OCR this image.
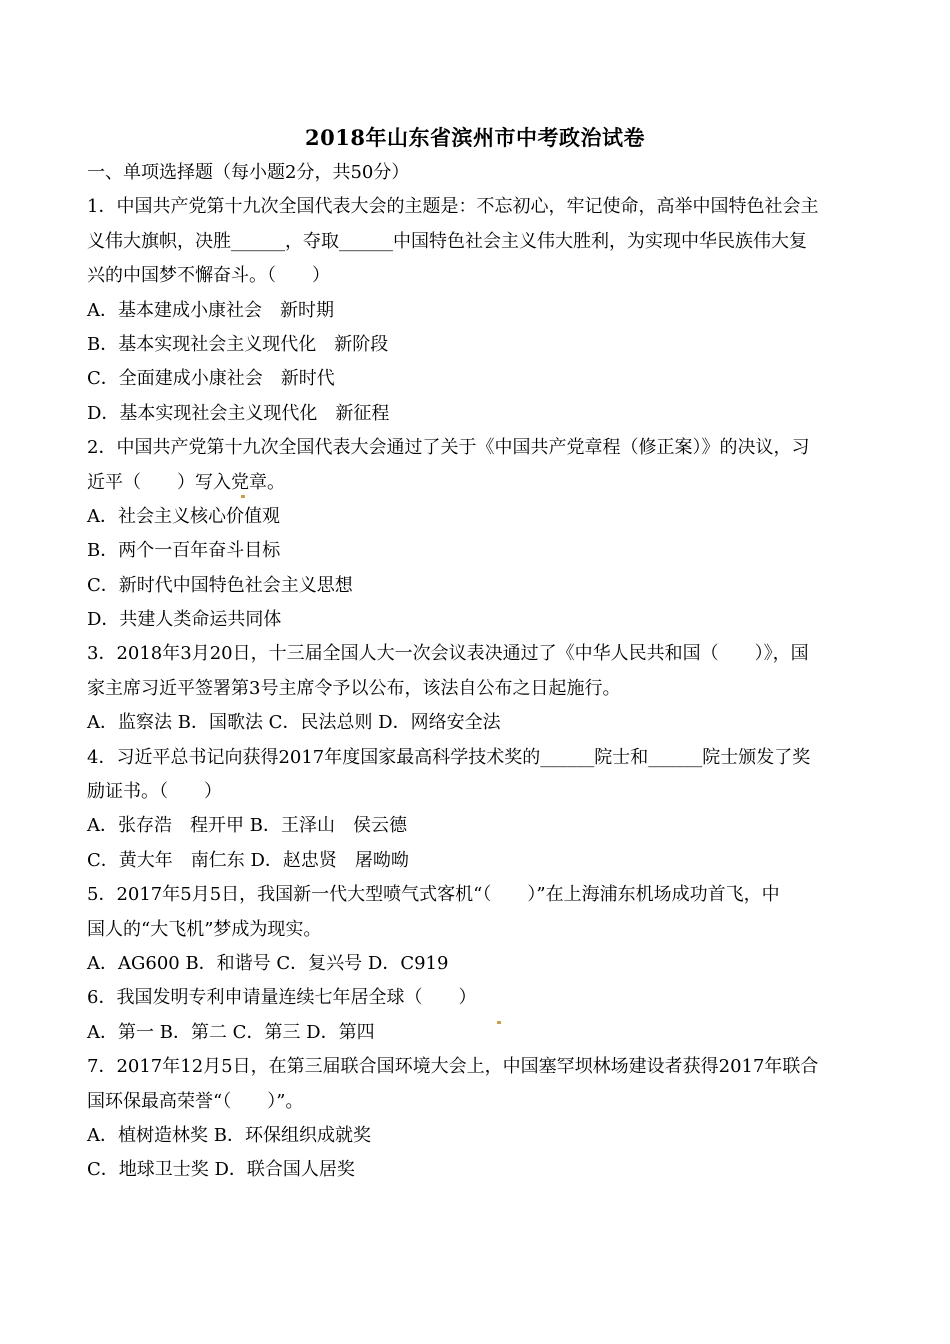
2018年山东省滨州市中考政治试卷
一、单项选择题（每小题2分，共50分）
1．中国共产党第十九次全国代表大会的主题是：不忘初心，牢记使命，高举中国特色社会主
义伟大旗帜，决胜______，夺取______中国特色社会主义伟大胜利，为实现中华民族伟大复
兴的中国梦不懈奋斗。（　　）
A．基本建成小康社会　新时期
B．基本实现社会主义现代化　新阶段
C．全面建成小康社会　新时代
D．基本实现社会主义现代化　新征程
2．中国共产党第十九次全国代表大会通过了关于《中国共产党章程（修正案）》的决议，习
近平（　　）写入党章。
A．社会主义核心价值观
B．两个一百年奋斗目标
C．新时代中国特色社会主义思想
D．共建人类命运共同体
3．2018年3月20日，十三届全国人大一次会议表决通过了《中华人民共和国（　　）》，国
家主席习近平签署第3号主席令予以公布，该法自公布之日起施行。
A．监察法 B．国歌法 C．民法总则 D．网络安全法
4．习近平总书记向获得2017年度国家最高科学技术奖的______院士和______院士颁发了奖
励证书。（　　）
A．张存浩　程开甲 B．王泽山　侯云德
C．黄大年　南仁东 D．赵忠贤　屠呦呦
5．2017年5月5日，我国新一代大型喷气式客机“（　　）”在上海浦东机场成功首飞，中
国人的“大飞机”梦成为现实。
A．AG600 B．和谐号 C．复兴号 D．C919
6．我国发明专利申请量连续七年居全球（　　）
A．第一 B．第二 C．第三 D．第四
7．2017年12月5日，在第三届联合国环境大会上，中国塞罕坝林场建设者获得2017年联合
国环保最高荣誉“（　　）”。
A．植树造林奖 B．环保组织成就奖
C．地球卫士奖 D．联合国人居奖
